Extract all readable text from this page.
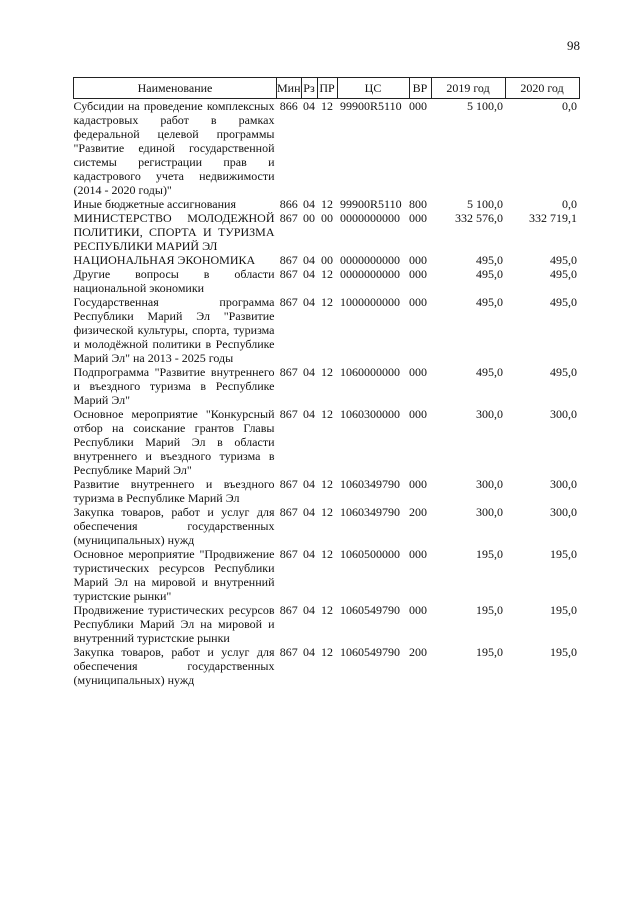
98
Наименование	Мин	Рз	ПР	ЦС	ВР	2019 год	2020 год
Субсидии на проведение комплексных кадастровых работ в рамках федеральной целевой программы "Развитие единой государственной системы регистрации прав и кадастрового учета недвижимости (2014 - 2020 годы)"	866	04	12	99900R5110	000	5 100,0	0,0
Иные бюджетные ассигнования	866	04	12	99900R5110	800	5 100,0	0,0
МИНИСТЕРСТВО МОЛОДЕЖНОЙ ПОЛИТИКИ, СПОРТА И ТУРИЗМА РЕСПУБЛИКИ МАРИЙ ЭЛ	867	00	00	0000000000	000	332 576,0	332 719,1
НАЦИОНАЛЬНАЯ ЭКОНОМИКА	867	04	00	0000000000	000	495,0	495,0
Другие вопросы в области национальной экономики	867	04	12	0000000000	000	495,0	495,0
Государственная программа Республики Марий Эл "Развитие физической культуры, спорта, туризма и молодёжной политики в Республике Марий Эл" на 2013 - 2025 годы	867	04	12	1000000000	000	495,0	495,0
Подпрограмма "Развитие внутреннего и въездного туризма в Республике Марий Эл"	867	04	12	1060000000	000	495,0	495,0
Основное мероприятие "Конкурсный отбор на соискание грантов Главы Республики Марий Эл в области внутреннего и въездного туризма в Республике Марий Эл"	867	04	12	1060300000	000	300,0	300,0
Развитие внутреннего и въездного туризма в Республике Марий Эл	867	04	12	1060349790	000	300,0	300,0
Закупка товаров, работ и услуг для обеспечения государственных (муниципальных) нужд	867	04	12	1060349790	200	300,0	300,0
Основное мероприятие "Продвижение туристических ресурсов Республики Марий Эл на мировой и внутренний туристские рынки"	867	04	12	1060500000	000	195,0	195,0
Продвижение туристических ресурсов Республики Марий Эл на мировой и внутренний туристские рынки	867	04	12	1060549790	000	195,0	195,0
Закупка товаров, работ и услуг для обеспечения государственных (муниципальных) нужд	867	04	12	1060549790	200	195,0	195,0
